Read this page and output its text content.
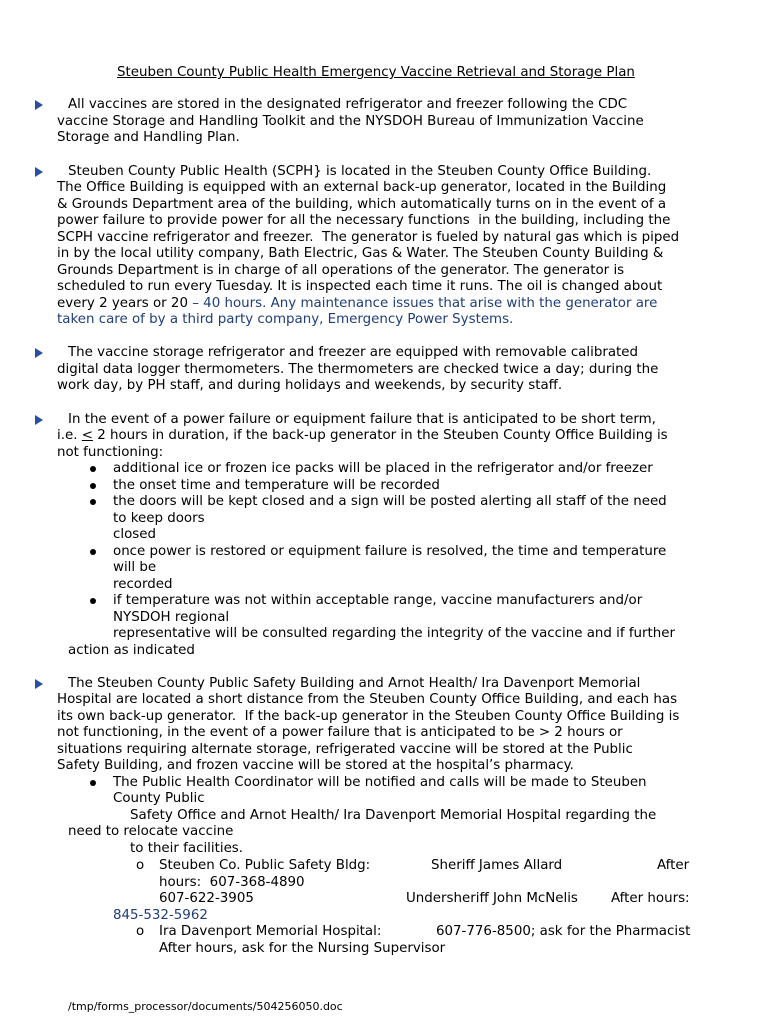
Steuben County Public Health Emergency Vaccine Retrieval and Storage Plan
All vaccines are stored in the designated refrigerator and freezer following the CDC
vaccine Storage and Handling Toolkit and the NYSDOH Bureau of Immunization Vaccine
Storage and Handling Plan.
Steuben County Public Health (SCPH} is located in the Steuben County Office Building.
The Office Building is equipped with an external back-up generator, located in the Building
& Grounds Department area of the building, which automatically turns on in the event of a
power failure to provide power for all the necessary functions  in the building, including the
SCPH vaccine refrigerator and freezer.  The generator is fueled by natural gas which is piped
in by the local utility company, Bath Electric, Gas & Water. The Steuben County Building &
Grounds Department is in charge of all operations of the generator. The generator is
scheduled to run every Tuesday. It is inspected each time it runs. The oil is changed about
every 2 years or 20 – 40 hours. Any maintenance issues that arise with the generator are
taken care of by a third party company, Emergency Power Systems.
The vaccine storage refrigerator and freezer are equipped with removable calibrated
digital data logger thermometers. The thermometers are checked twice a day; during the
work day, by PH staff, and during holidays and weekends, by security staff.
In the event of a power failure or equipment failure that is anticipated to be short term,
i.e. < 2 hours in duration, if the back-up generator in the Steuben County Office Building is
not functioning:
additional ice or frozen ice packs will be placed in the refrigerator and/or freezer
the onset time and temperature will be recorded
the doors will be kept closed and a sign will be posted alerting all staff of the need
to keep doors
closed
once power is restored or equipment failure is resolved, the time and temperature
will be
recorded
if temperature was not within acceptable range, vaccine manufacturers and/or
NYSDOH regional
representative will be consulted regarding the integrity of the vaccine and if further
action as indicated
The Steuben County Public Safety Building and Arnot Health/ Ira Davenport Memorial
Hospital are located a short distance from the Steuben County Office Building, and each has
its own back-up generator.  If the back-up generator in the Steuben County Office Building is
not functioning, in the event of a power failure that is anticipated to be > 2 hours or
situations requiring alternate storage, refrigerated vaccine will be stored at the Public
Safety Building, and frozen vaccine will be stored at the hospital’s pharmacy.
The Public Health Coordinator will be notified and calls will be made to Steuben
County Public
Safety Office and Arnot Health/ Ira Davenport Memorial Hospital regarding the
need to relocate vaccine
to their facilities.
o Steuben Co. Public Safety Bldg:	Sheriff James Allard	After
hours:  607-368-4890
607-622-3905	Undersheriff John McNelis After hours:
845-532-5962
o Ira Davenport Memorial Hospital:	607-776-8500; ask for the Pharmacist
After hours, ask for the Nursing Supervisor
/tmp/forms_processor/documents/504256050.doc
